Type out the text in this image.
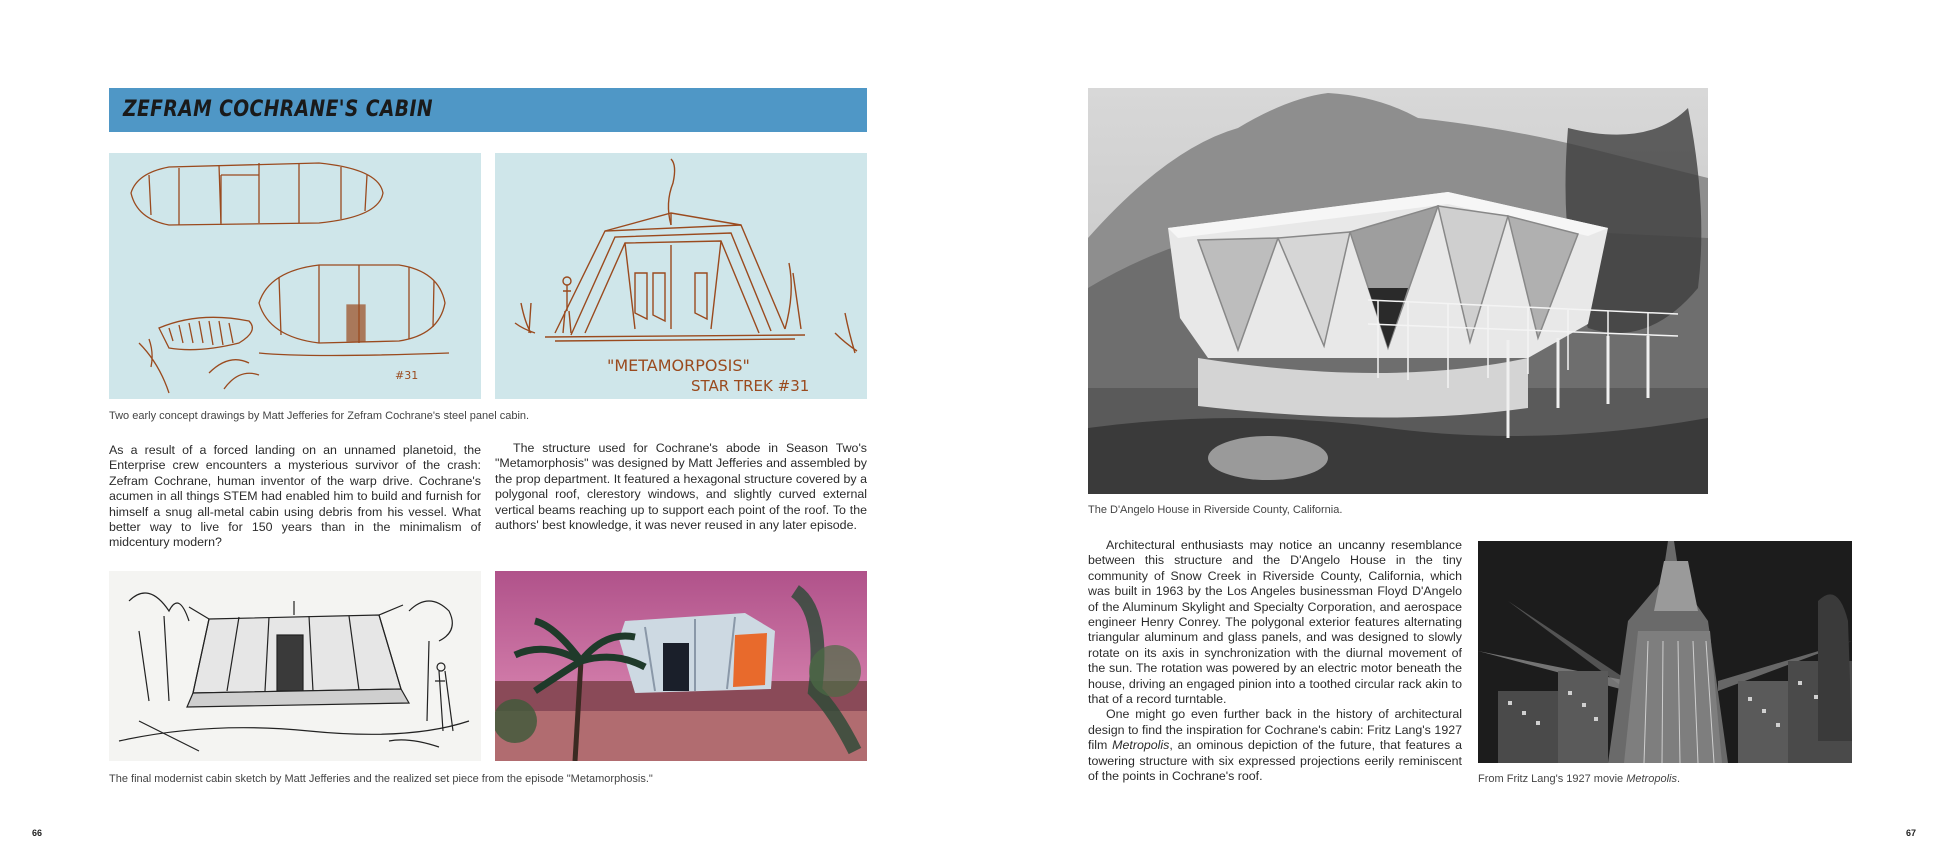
ZEFRAM COCHRANE'S CABIN
#31
"METAMORPOSIS"
STAR TREK #31
Two early concept drawings by Matt Jefferies for Zefram Cochrane's steel panel cabin.

As a result of a forced landing on an unnamed planetoid, the Enterprise crew encounters a mysterious survivor of the crash: Zefram Cochrane, human inventor of the warp drive. Cochrane's acumen in all things STEM had enabled him to build and furnish for himself a snug all-metal cabin using debris from his vessel. What better way to live for 150 years than in the minimalism of midcentury modern?

The structure used for Cochrane's abode in Season Two's "Metamorphosis" was designed by Matt Jefferies and assembled by the prop department. It featured a hexagonal structure covered by a polygonal roof, clerestory windows, and slightly curved external vertical beams reaching up to support each point of the roof. To the authors' best knowledge, it was never reused in any later episode.

The final modernist cabin sketch by Matt Jefferies and the realized set piece from the episode "Metamorphosis."
66
The D'Angelo House in Riverside County, California.

Architectural enthusiasts may notice an uncanny resemblance between this structure and the D'Angelo House in the tiny community of Snow Creek in Riverside County, California, which was built in 1963 by the Los Angeles businessman Floyd D'Angelo of the Aluminum Skylight and Specialty Corporation, and aerospace engineer Henry Conrey. The polygonal exterior features alternating triangular aluminum and glass panels, and was designed to slowly rotate on its axis in synchronization with the diurnal movement of the sun. The rotation was powered by an electric motor beneath the house, driving an engaged pinion into a toothed circular rack akin to that of a record turntable.

One might go even further back in the history of architectural design to find the inspiration for Cochrane's cabin: Fritz Lang's 1927 film Metropolis, an ominous depiction of the future, that features a towering structure with six expressed projections eerily reminiscent of the points in Cochrane's roof.	From Fritz Lang's 1927 movie Metropolis.
67
